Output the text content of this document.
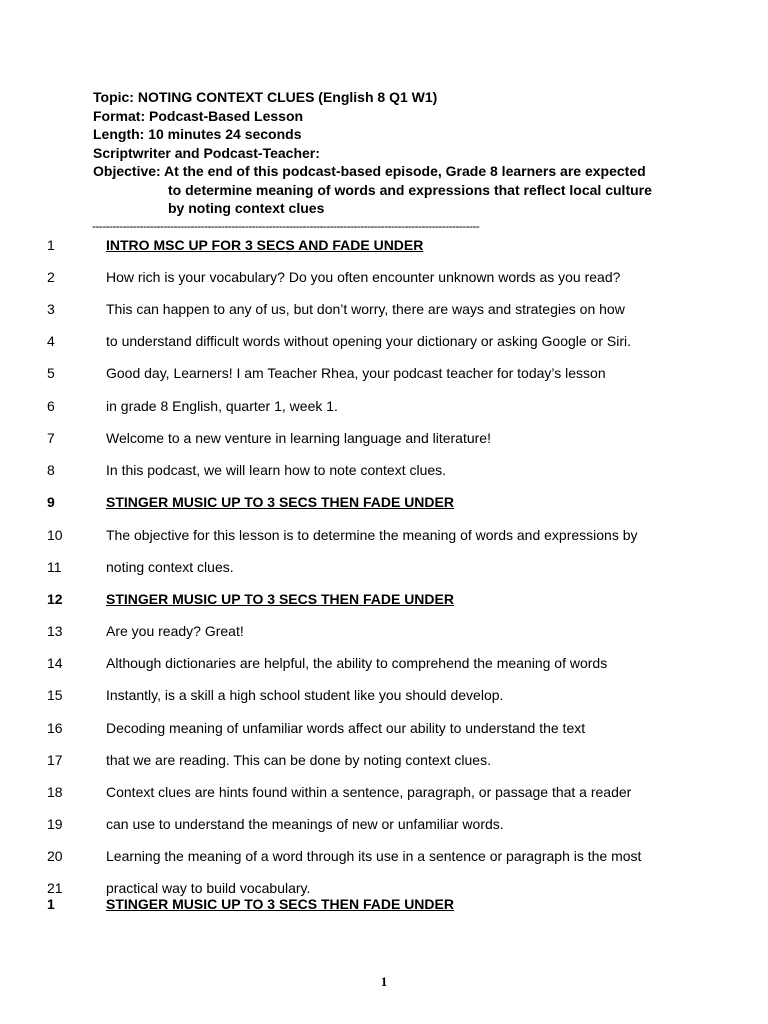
Topic: NOTING CONTEXT CLUES (English 8 Q1 W1)
Format: Podcast-Based Lesson
Length: 10 minutes 24 seconds
Scriptwriter and Podcast-Teacher:
Objective: At the end of this podcast-based episode, Grade 8 learners are expected
to determine meaning of words and expressions that reflect local culture
by noting context clues
------------------------------------------------------------------------------------------------------------------
1	INTRO MSC UP FOR 3 SECS AND FADE UNDER
2	How rich is your vocabulary? Do you often encounter unknown words as you read?
3	This can happen to any of us, but don’t worry, there are ways and strategies on how
4	to understand difficult words without opening your dictionary or asking Google or Siri.
5	Good day, Learners! I am Teacher Rhea, your podcast teacher for today’s lesson
6	in grade 8 English, quarter 1, week 1.
7	Welcome to a new venture in learning language and literature!
8	In this podcast, we will learn how to note context clues.
9	STINGER MUSIC UP TO 3 SECS THEN FADE UNDER
10	The objective for this lesson is to determine the meaning of words and expressions by
11	noting context clues.
12	STINGER MUSIC UP TO 3 SECS THEN FADE UNDER
13	Are you ready? Great!
14	Although dictionaries are helpful, the ability to comprehend the meaning of words
15	Instantly, is a skill a high school student like you should develop.
16	Decoding meaning of unfamiliar words affect our ability to understand the text
17	that we are reading. This can be done by noting context clues.
18	Context clues are hints found within a sentence, paragraph, or passage that a reader
19	can use to understand the meanings of new or unfamiliar words.
20	Learning the meaning of a word through its use in a sentence or paragraph is the most
21	practical way to build vocabulary.
1	STINGER MUSIC UP TO 3 SECS THEN FADE UNDER
1
